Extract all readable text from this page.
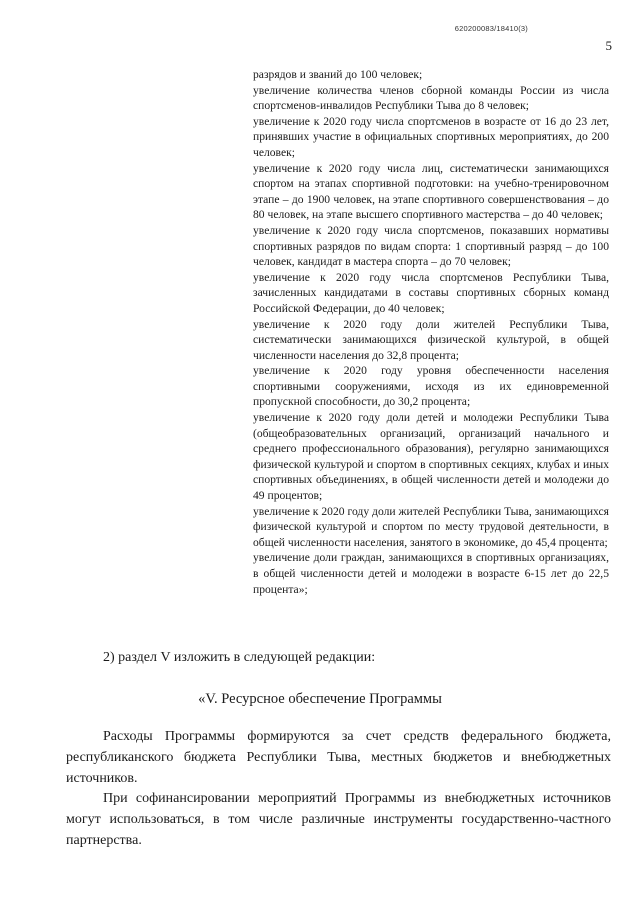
620200083/18410(3)
5

разрядов и званий до 100 человек;

увеличение количества членов сборной команды России из числа спортсменов-инвалидов Республики Тыва до 8 человек;

увеличение к 2020 году числа спортсменов в возрасте от 16 до 23 лет, принявших участие в официальных спортивных мероприятиях, до 200 человек;

увеличение к 2020 году числа лиц, систематически занимающихся спортом на этапах спортивной подготовки: на учебно-тренировочном этапе – до 1900 человек, на этапе спортивного совершенствования – до 80 человек, на этапе высшего спортивного мастерства – до 40 человек;

увеличение к 2020 году числа спортсменов, показавших нормативы спортивных разрядов по видам спорта: 1 спортивный разряд – до 100 человек, кандидат в мастера спорта – до 70 человек;

увеличение к 2020 году числа спортсменов Республики Тыва, зачисленных кандидатами в составы спортивных сборных команд Российской Федерации, до 40 человек;

увеличение к 2020 году доли жителей Республики Тыва, систематически занимающихся физической культурой, в общей численности населения до 32,8 процента;

увеличение к 2020 году уровня обеспеченности населения спортивными сооружениями, исходя из их единовременной пропускной способности, до 30,2 процента;

увеличение к 2020 году доли детей и молодежи Республики Тыва (общеобразовательных организаций, организаций начального и среднего профессионального образования), регулярно занимающихся физической культурой и спортом в спортивных секциях, клубах и иных спортивных объединениях, в общей численности детей и молодежи до 49 процентов;

увеличение к 2020 году доли жителей Республики Тыва, занимающихся физической культурой и спортом по месту трудовой деятельности, в общей численности населения, занятого в экономике, до 45,4 процента;

увеличение доли граждан, занимающихся в спортивных организациях, в общей численности детей и молодежи в возрасте 6-15 лет до 22,5 процента»;

2) раздел V изложить в следующей редакции:
«V. Ресурсное обеспечение Программы

Расходы Программы формируются за счет средств федерального бюджета, республиканского бюджета Республики Тыва, местных бюджетов и внебюджетных источников.

При софинансировании мероприятий Программы из внебюджетных источников могут использоваться, в том числе различные инструменты государственно-частного партнерства.
